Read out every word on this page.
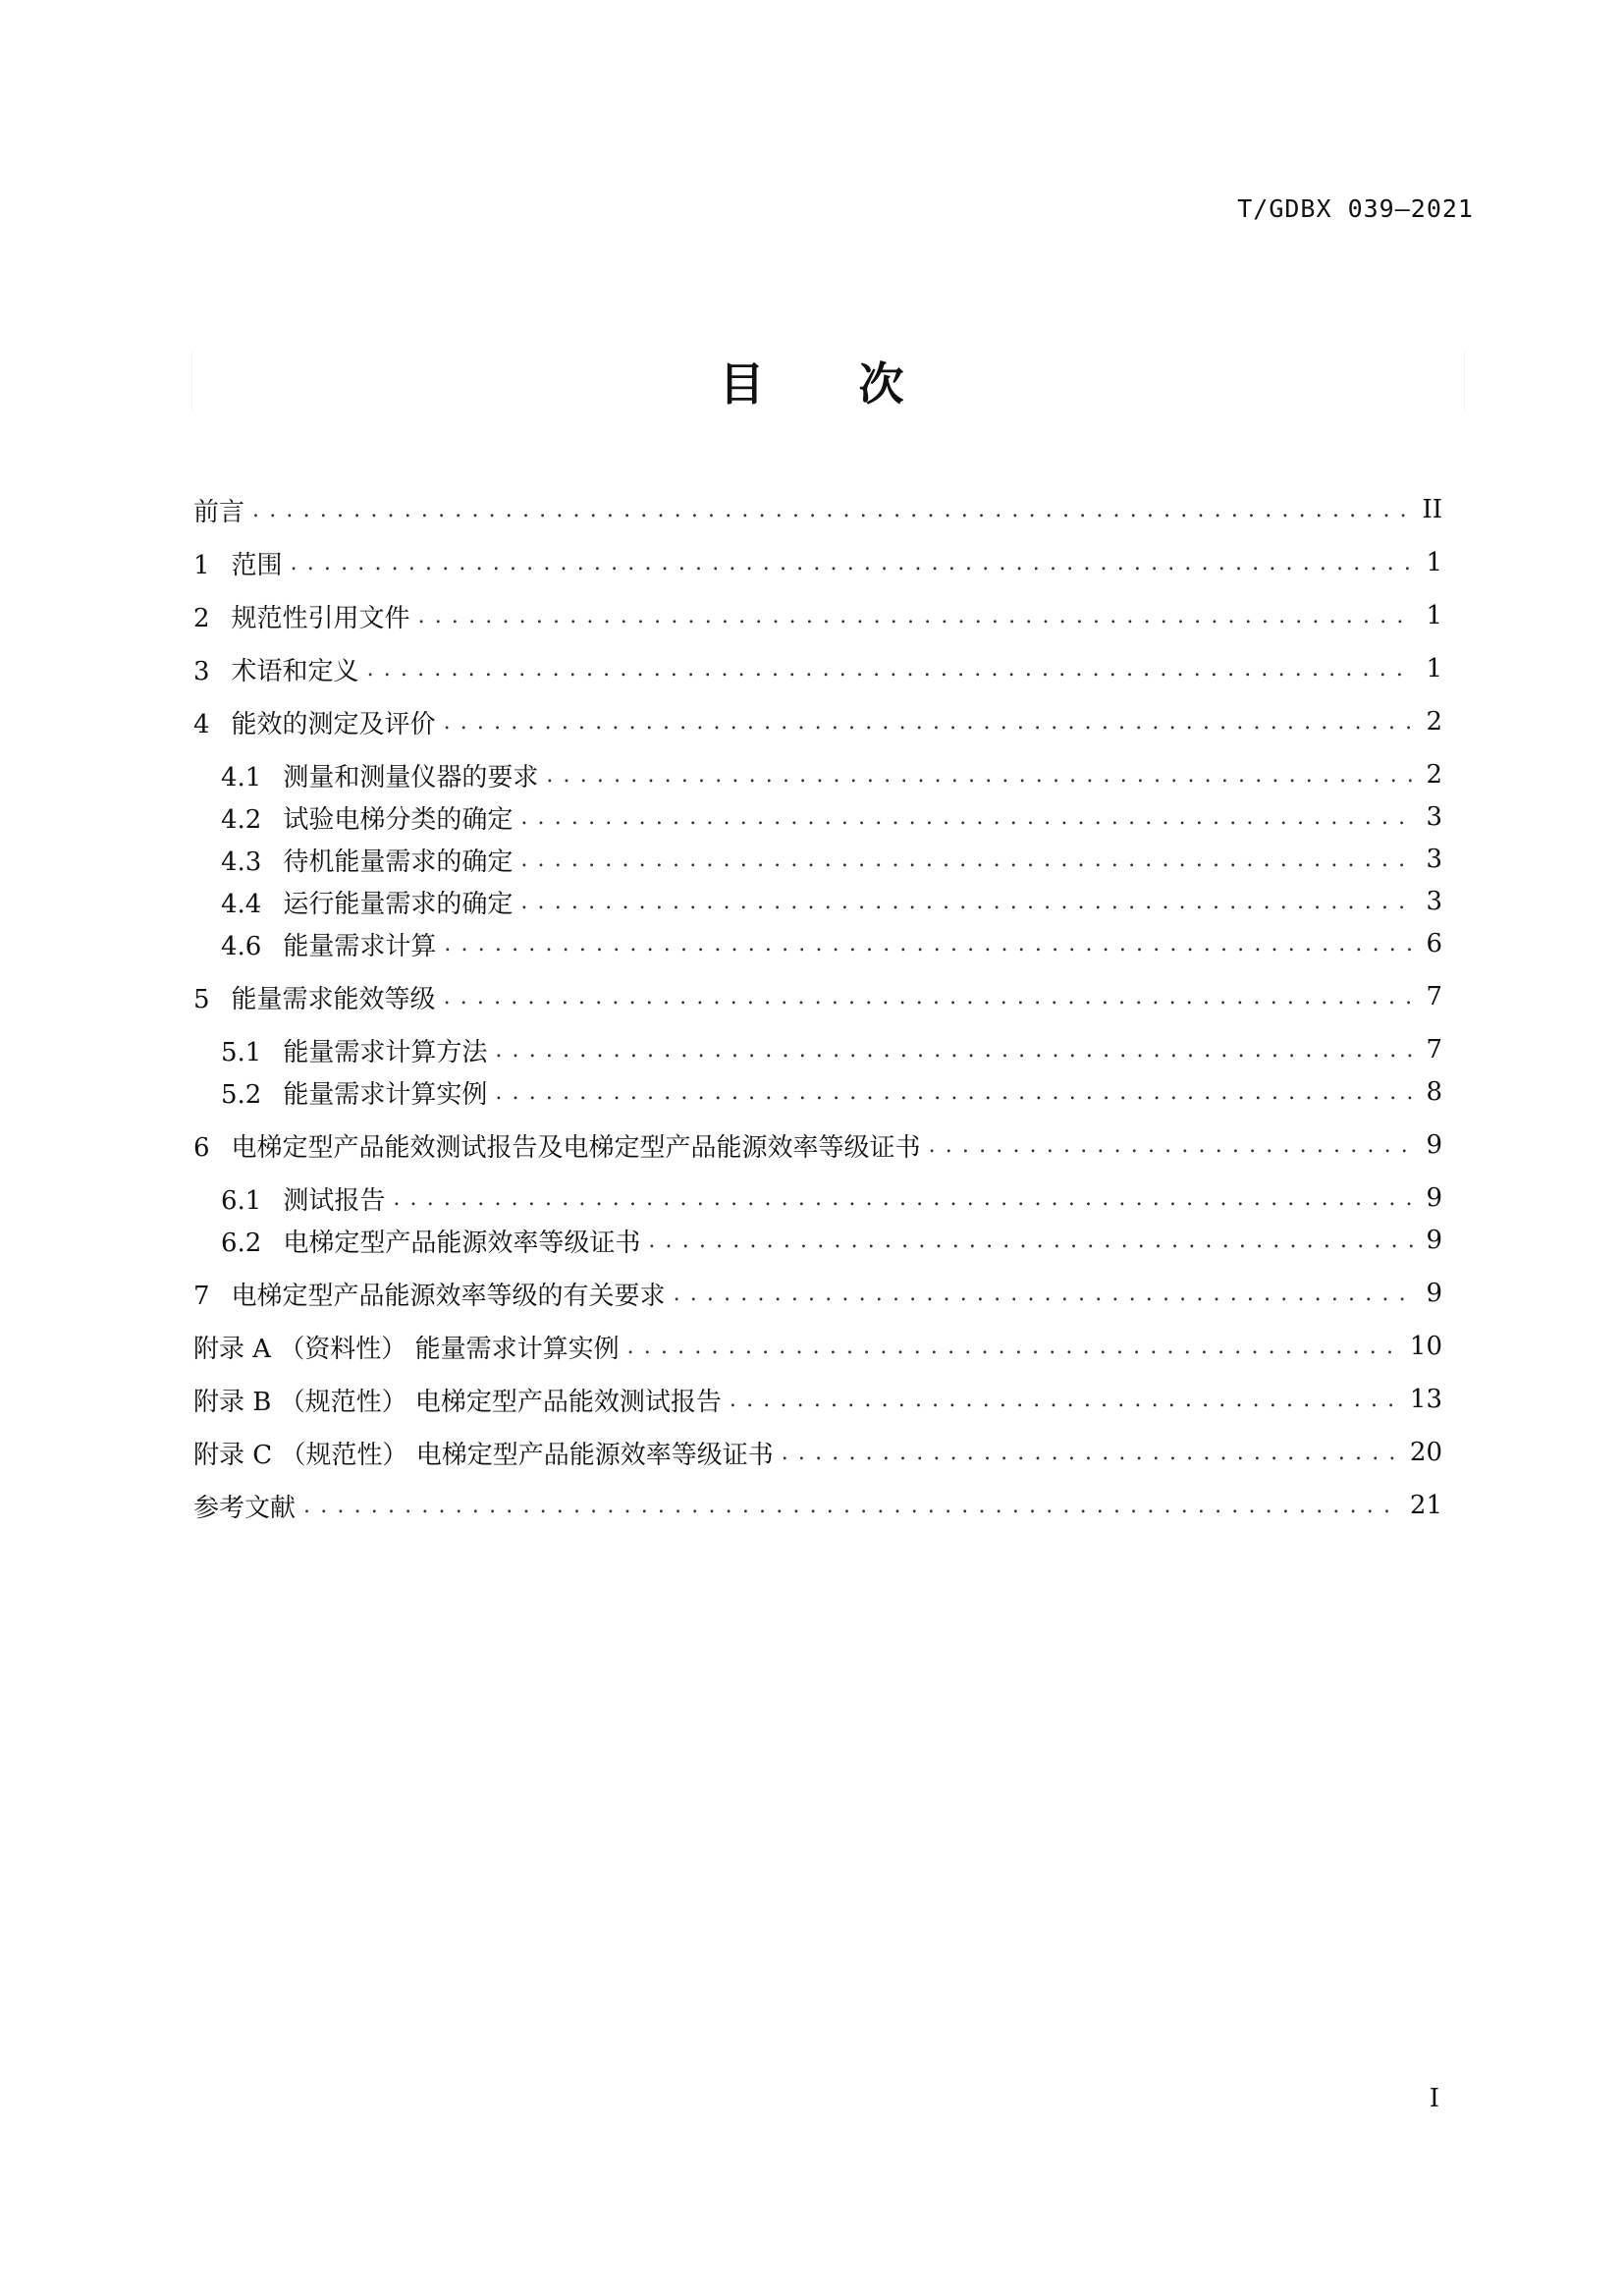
T/GDBX 039—2021
目 次
前言 . . .	II
1 范围 . . .	1
2 规范性引用文件 . . .	1
3 术语和定义 . . .	1
4 能效的测定及评价 . . .	2
4.1 测量和测量仪器的要求 . . .	2
4.2 试验电梯分类的确定 . . .	3
4.3 待机能量需求的确定 . . .	3
4.4 运行能量需求的确定 . . .	3
4.6 能量需求计算 . . .	6
5 能量需求能效等级 . . .	7
5.1 能量需求计算方法 . . .	7
5.2 能量需求计算实例 . . .	8
6 电梯定型产品能效测试报告及电梯定型产品能源效率等级证书 . . .	9
6.1 测试报告 . . .	9
6.2 电梯定型产品能源效率等级证书 . . .	9
7 电梯定型产品能源效率等级的有关要求 . . .	9
附录 A （资料性） 能量需求计算实例 . . .	10
附录 B （规范性） 电梯定型产品能效测试报告 . . .	13
附录 C （规范性） 电梯定型产品能源效率等级证书 . . .	20
参考文献 . . .	21
I
